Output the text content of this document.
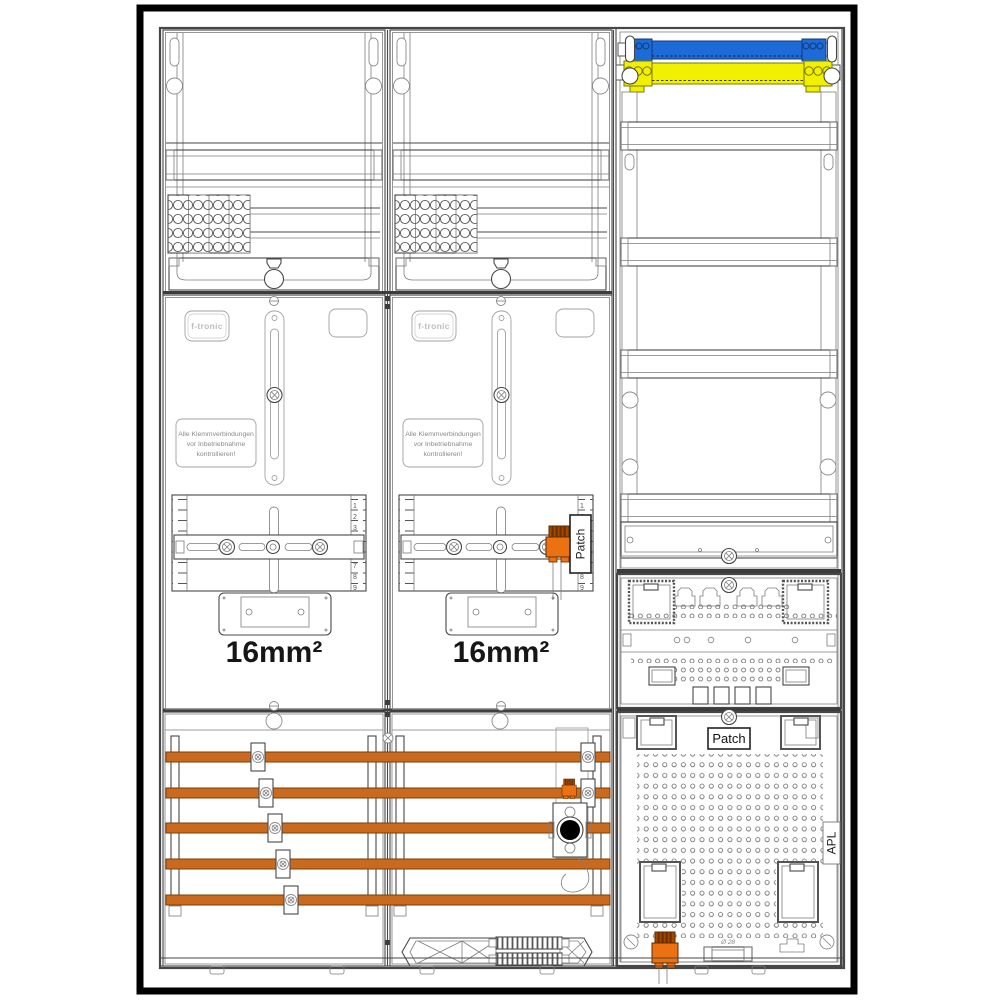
f-tronic
Alle Klemmverbindungen
vor Inbetriebnahme
kontrollieren!
7
8
16mm²
Patch
Patch
APL
Ø 28
